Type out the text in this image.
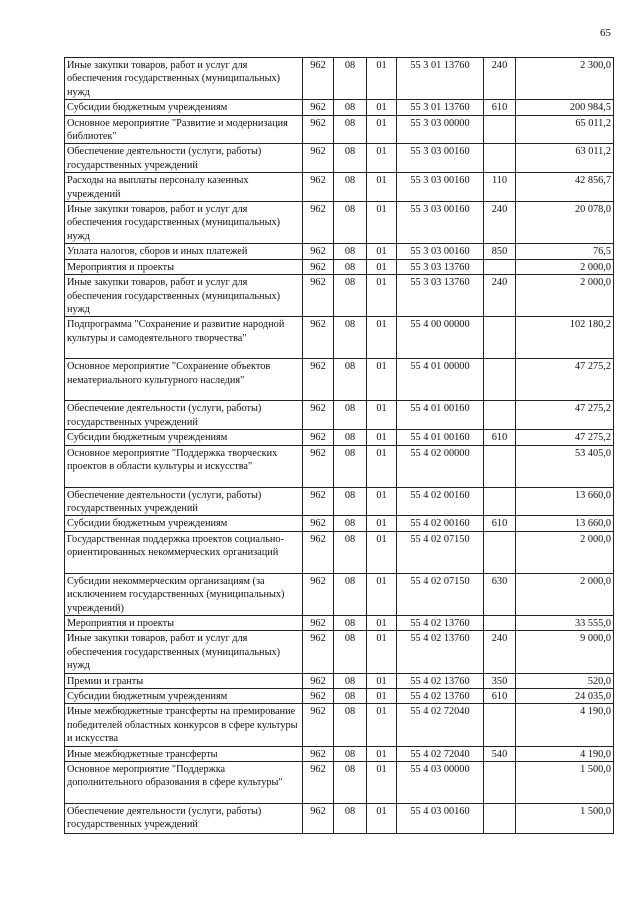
65
Иные закупки товаров, работ и услуг для обеспечения государственных (муниципальных) нужд	962	08	01	55 3 01 13760	240	2 300,0
Субсидии бюджетным учреждениям	962	08	01	55 3 01 13760	610	200 984,5
Основное мероприятие "Развитие и модернизация библиотек"	962	08	01	55 3 03 00000		65 011,2
Обеспечение деятельности (услуги, работы) государственных учреждений	962	08	01	55 3 03 00160		63 011,2
Расходы на выплаты персоналу казенных учреждений	962	08	01	55 3 03 00160	110	42 856,7
Иные закупки товаров, работ и услуг для обеспечения государственных (муниципальных) нужд	962	08	01	55 3 03 00160	240	20 078,0
Уплата налогов, сборов и иных платежей	962	08	01	55 3 03 00160	850	76,5
Мероприятия и проекты	962	08	01	55 3 03 13760		2 000,0
Иные закупки товаров, работ и услуг для обеспечения государственных (муниципальных) нужд	962	08	01	55 3 03 13760	240	2 000,0
Подпрограмма "Сохранение и развитие народной культуры и самодеятельного творчества"	962	08	01	55 4 00 00000		102 180,2
Основное мероприятие "Сохранение объектов нематериального культурного наследия"	962	08	01	55 4 01 00000		47 275,2
Обеспечение деятельности (услуги, работы) государственных учреждений	962	08	01	55 4 01 00160		47 275,2
Субсидии бюджетным учреждениям	962	08	01	55 4 01 00160	610	47 275,2
Основное мероприятие "Поддержка творческих проектов в области культуры и искусства"	962	08	01	55 4 02 00000		53 405,0
Обеспечение деятельности (услуги, работы) государственных учреждений	962	08	01	55 4 02 00160		13 660,0
Субсидии бюджетным учреждениям	962	08	01	55 4 02 00160	610	13 660,0
Государственная поддержка проектов социально-ориентированных некоммерческих организаций	962	08	01	55 4 02 07150		2 000,0
Субсидии некоммерческим организациям (за исключением государственных (муниципальных) учреждений)	962	08	01	55 4 02 07150	630	2 000,0
Мероприятия и проекты	962	08	01	55 4 02 13760		33 555,0
Иные закупки товаров, работ и услуг для обеспечения государственных (муниципальных) нужд	962	08	01	55 4 02 13760	240	9 000,0
Премии и гранты	962	08	01	55 4 02 13760	350	520,0
Субсидии бюджетным учреждениям	962	08	01	55 4 02 13760	610	24 035,0
Иные межбюджетные трансферты на премирование победителей областных конкурсов в сфере культуры и искусства	962	08	01	55 4 02 72040		4 190,0
Иные межбюджетные трансферты	962	08	01	55 4 02 72040	540	4 190,0
Основное мероприятие "Поддержка дополнительного образования в сфере культуры"	962	08	01	55 4 03 00000		1 500,0
Обеспечение деятельности (услуги, работы) государственных учреждений	962	08	01	55 4 03 00160		1 500,0
